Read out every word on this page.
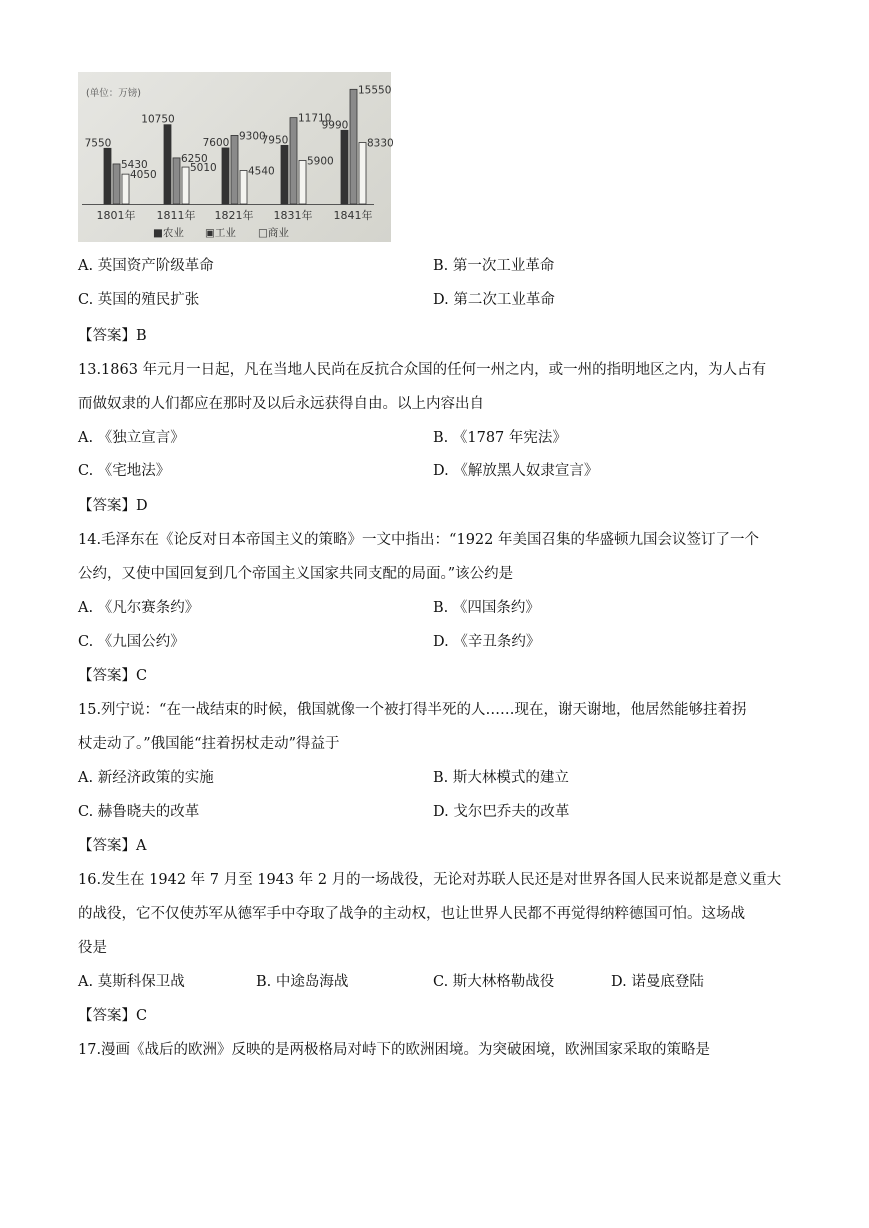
(单位：万镑)
7550
5430
4050
1801年
10750
6250
5010
1811年
7600
9300
4540
1821年
7950
11710
5900
1831年
9990
15550
8330
1841年
■农业 ▣工业 □商业
A. 英国资产阶级革命	B. 第一次工业革命
C. 英国的殖民扩张	D. 第二次工业革命
【答案】B
13.1863 年元月一日起，凡在当地人民尚在反抗合众国的任何一州之内，或一州的指明地区之内，为人占有
而做奴隶的人们都应在那时及以后永远获得自由。以上内容出自
A. 《独立宣言》	B. 《1787 年宪法》
C. 《宅地法》	D. 《解放黑人奴隶宣言》
【答案】D
14.毛泽东在《论反对日本帝国主义的策略》一文中指出：“1922 年美国召集的华盛顿九国会议签订了一个
公约，又使中国回复到几个帝国主义国家共同支配的局面。”该公约是
A. 《凡尔赛条约》	B. 《四国条约》
C. 《九国公约》	D. 《辛丑条约》
【答案】C
15.列宁说：“在一战结束的时候，俄国就像一个被打得半死的人……现在，谢天谢地，他居然能够拄着拐
杖走动了。”俄国能“拄着拐杖走动”得益于
A. 新经济政策的实施	B. 斯大林模式的建立
C. 赫鲁晓夫的改革	D. 戈尔巴乔夫的改革
【答案】A
16.发生在 1942 年 7 月至 1943 年 2 月的一场战役，无论对苏联人民还是对世界各国人民来说都是意义重大
的战役，它不仅使苏军从德军手中夺取了战争的主动权，也让世界人民都不再觉得纳粹德国可怕。这场战
役是
A. 莫斯科保卫战	B. 中途岛海战	C. 斯大林格勒战役	D. 诺曼底登陆
【答案】C
17.漫画《战后的欧洲》反映的是两极格局对峙下的欧洲困境。为突破困境，欧洲国家采取的策略是
